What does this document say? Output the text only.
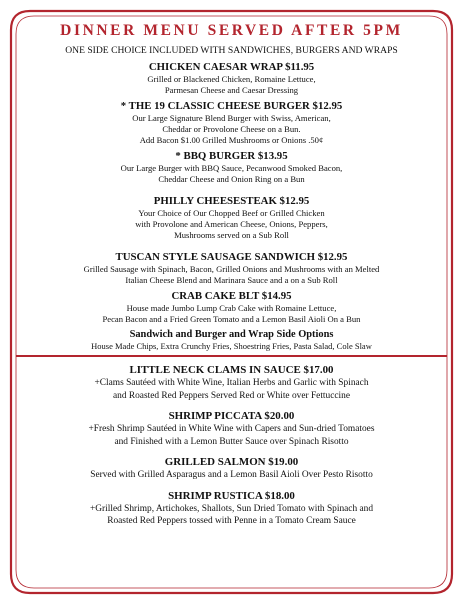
DINNER MENU SERVED AFTER 5PM
ONE SIDE CHOICE INCLUDED WITH SANDWICHES, BURGERS AND WRAPS
CHICKEN CAESAR WRAP $11.95
Grilled or Blackened Chicken, Romaine Lettuce,
Parmesan Cheese and Caesar Dressing
* THE 19 CLASSIC CHEESE BURGER $12.95
Our Large Signature Blend Burger with Swiss, American,
Cheddar or Provolone Cheese on a Bun.
Add Bacon $1.00 Grilled Mushrooms or Onions .50¢
* BBQ BURGER $13.95
Our Large Burger with BBQ Sauce, Pecanwood Smoked Bacon,
Cheddar Cheese and Onion Ring on a Bun
PHILLY CHEESESTEAK $12.95
Your Choice of Our Chopped Beef or Grilled Chicken
with Provolone and American Cheese, Onions, Peppers,
Mushrooms served on a Sub Roll
TUSCAN STYLE SAUSAGE SANDWICH $12.95
Grilled Sausage with Spinach, Bacon, Grilled Onions and Mushrooms with an Melted
Italian Cheese Blend and Marinara Sauce and a on a Sub Roll
CRAB CAKE BLT $14.95
House made Jumbo Lump Crab Cake with Romaine Lettuce,
Pecan Bacon and a Fried Green Tomato and a Lemon Basil Aioli On a Bun
Sandwich and Burger and Wrap Side Options
House Made Chips, Extra Crunchy Fries, Shoestring Fries, Pasta Salad, Cole Slaw
LITTLE NECK CLAMS IN SAUCE $17.00
+Clams Sautéed with White Wine, Italian Herbs and Garlic with Spinach
and Roasted Red Peppers Served Red or White over Fettuccine
SHRIMP PICCATA $20.00
+Fresh Shrimp Sautéed in White Wine with Capers and Sun-dried Tomatoes
and Finished with a Lemon Butter Sauce over Spinach Risotto
GRILLED SALMON $19.00
Served with Grilled Asparagus and a Lemon Basil Aioli Over Pesto Risotto
SHRIMP RUSTICA $18.00
+Grilled Shrimp, Artichokes, Shallots, Sun Dried Tomato with Spinach and
Roasted Red Peppers tossed with Penne in a Tomato Cream Sauce
